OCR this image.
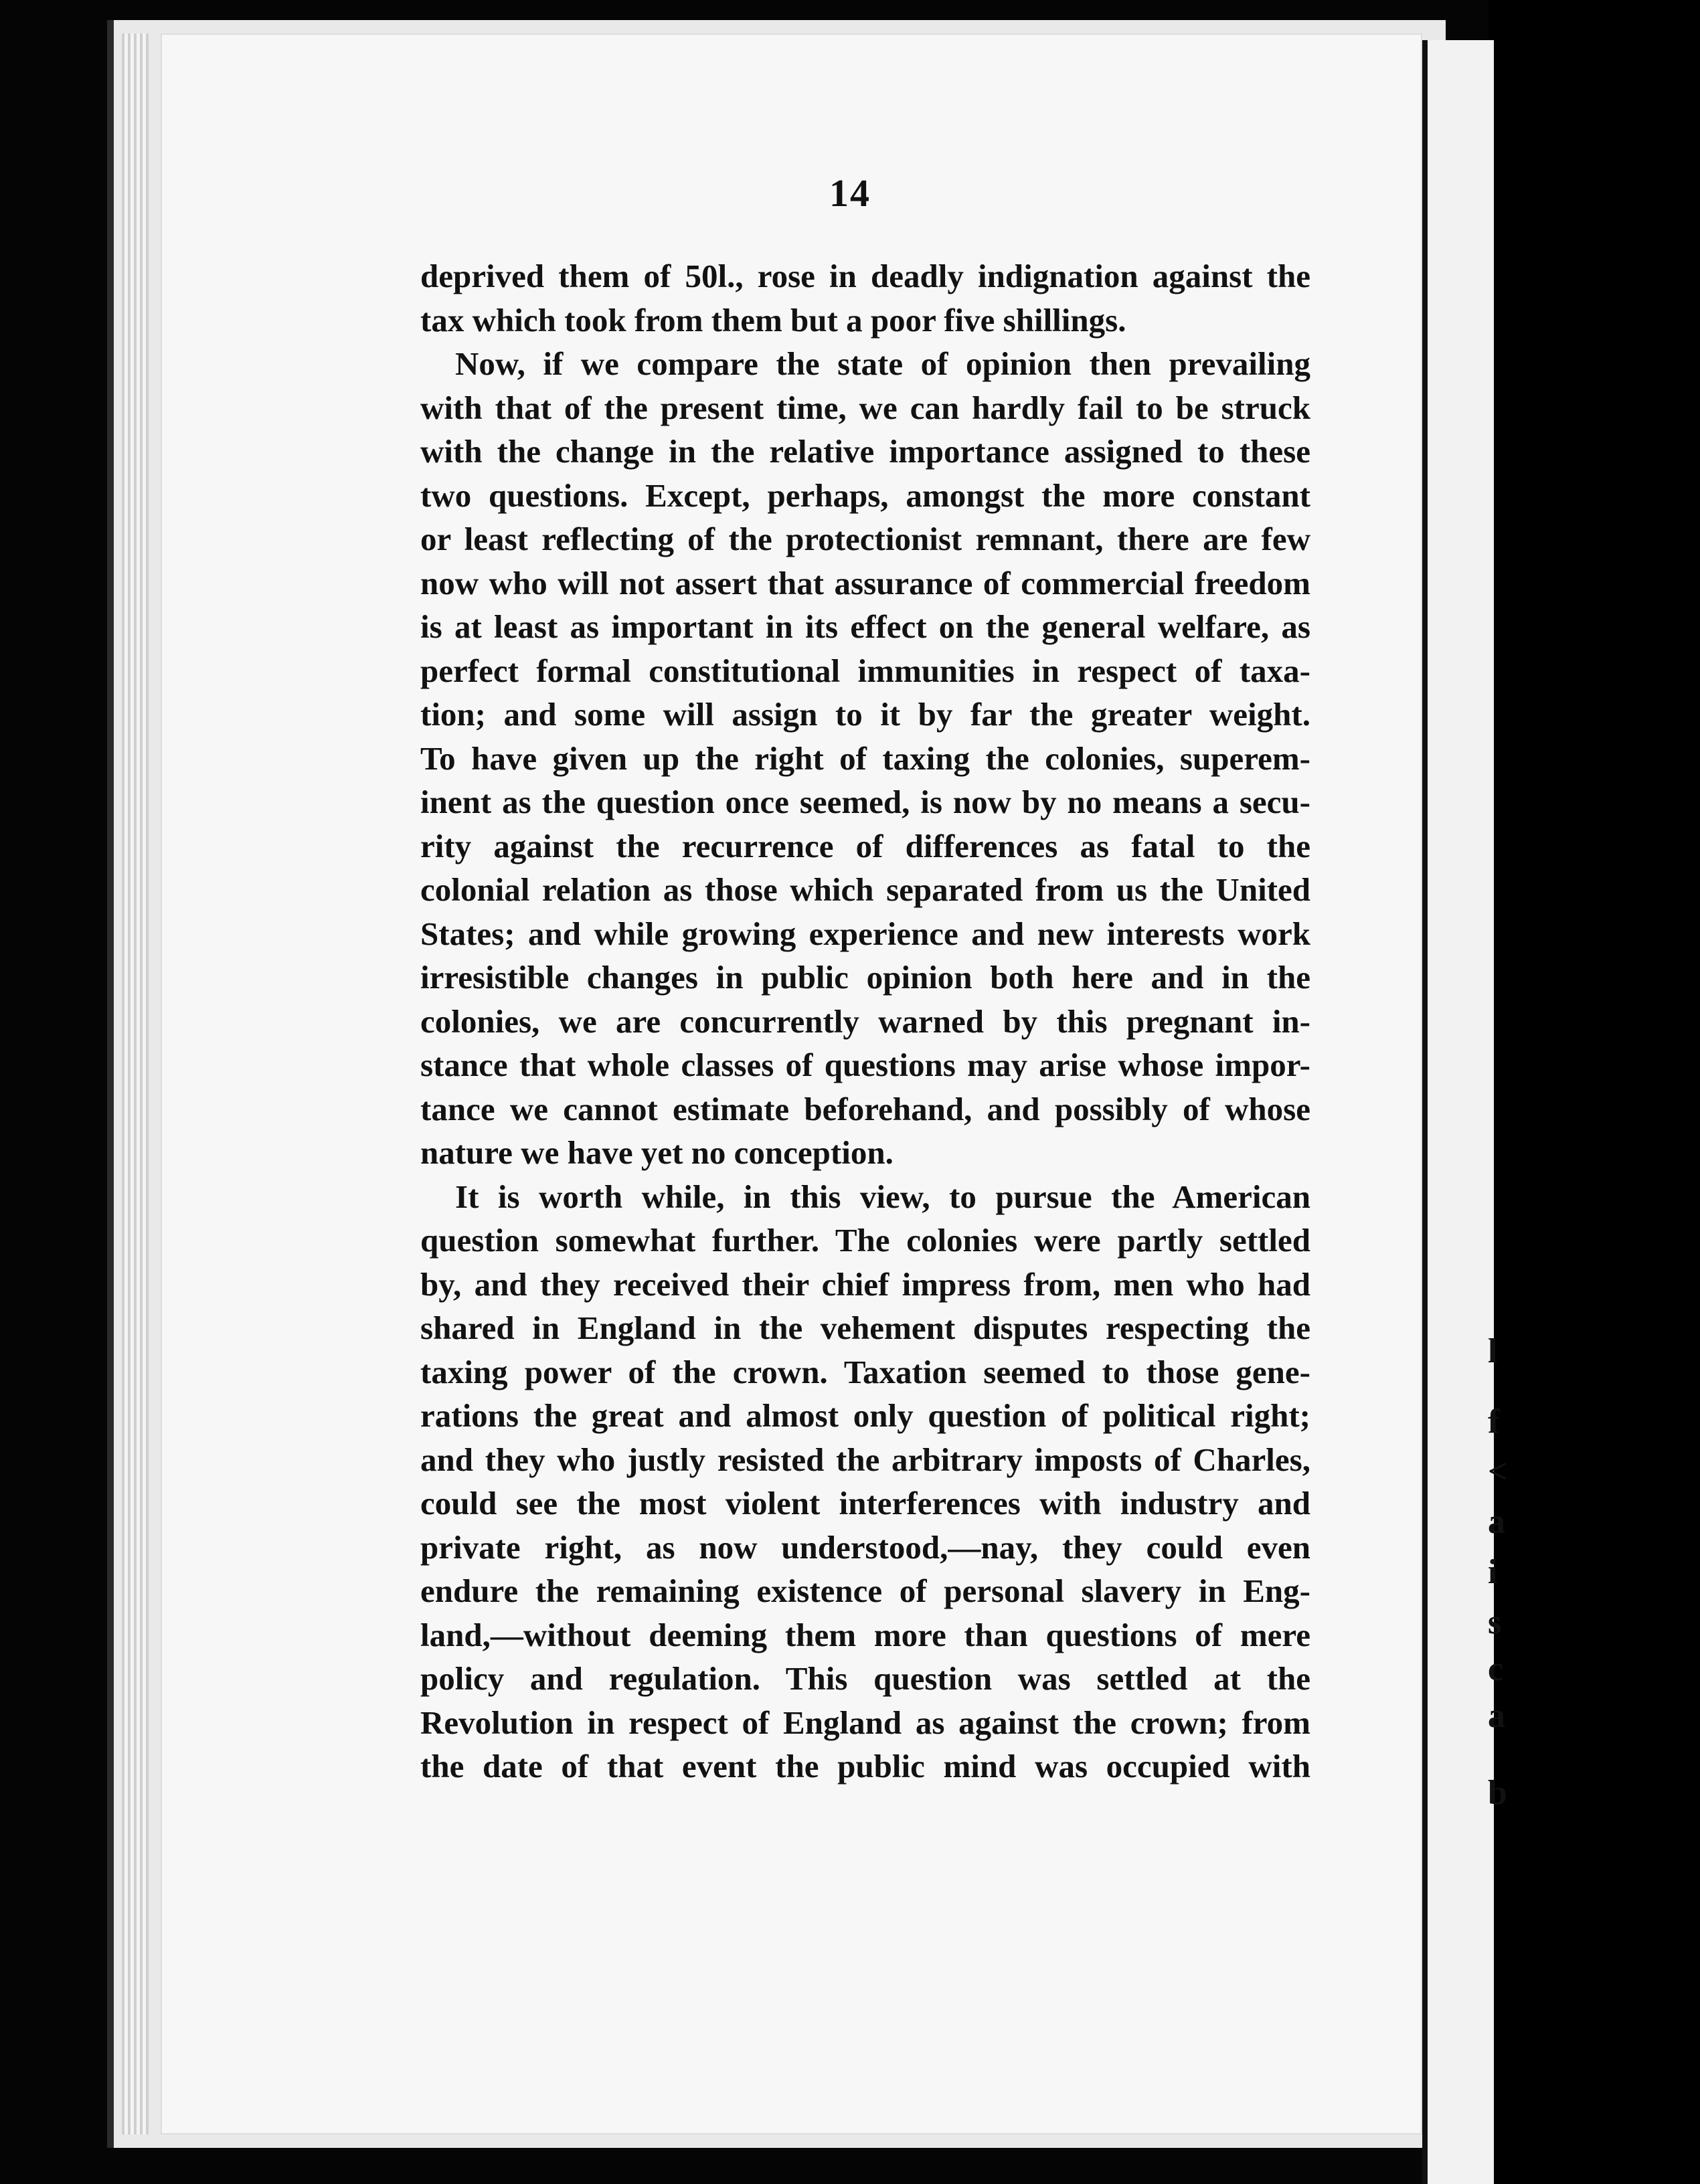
l
f
<
a
i
s
c
a
b
14

deprived them of 50l., rose in deadly indignation against the
tax which took from them but a poor five shillings.

Now, if we compare the state of opinion then prevailing
with that of the present time, we can hardly fail to be struck
with the change in the relative importance assigned to these
two questions. Except, perhaps, amongst the more constant
or least reflecting of the protectionist remnant, there are few
now who will not assert that assurance of commercial freedom
is at least as important in its effect on the general welfare, as
perfect formal constitutional immunities in respect of taxa-
tion; and some will assign to it by far the greater weight.
To have given up the right of taxing the colonies, superem-
inent as the question once seemed, is now by no means a secu-
rity against the recurrence of differences as fatal to the
colonial relation as those which separated from us the United
States; and while growing experience and new interests work
irresistible changes in public opinion both here and in the
colonies, we are concurrently warned by this pregnant in-
stance that whole classes of questions may arise whose impor-
tance we cannot estimate beforehand, and possibly of whose
nature we have yet no conception.

It is worth while, in this view, to pursue the American
question somewhat further. The colonies were partly settled
by, and they received their chief impress from, men who had
shared in England in the vehement disputes respecting the
taxing power of the crown. Taxation seemed to those gene-
rations the great and almost only question of political right;
and they who justly resisted the arbitrary imposts of Charles,
could see the most violent interferences with industry and
private right, as now understood,—nay, they could even
endure the remaining existence of personal slavery in Eng-
land,—without deeming them more than questions of mere
policy and regulation. This question was settled at the
Revolution in respect of England as against the crown; from
the date of that event the public mind was occupied with
